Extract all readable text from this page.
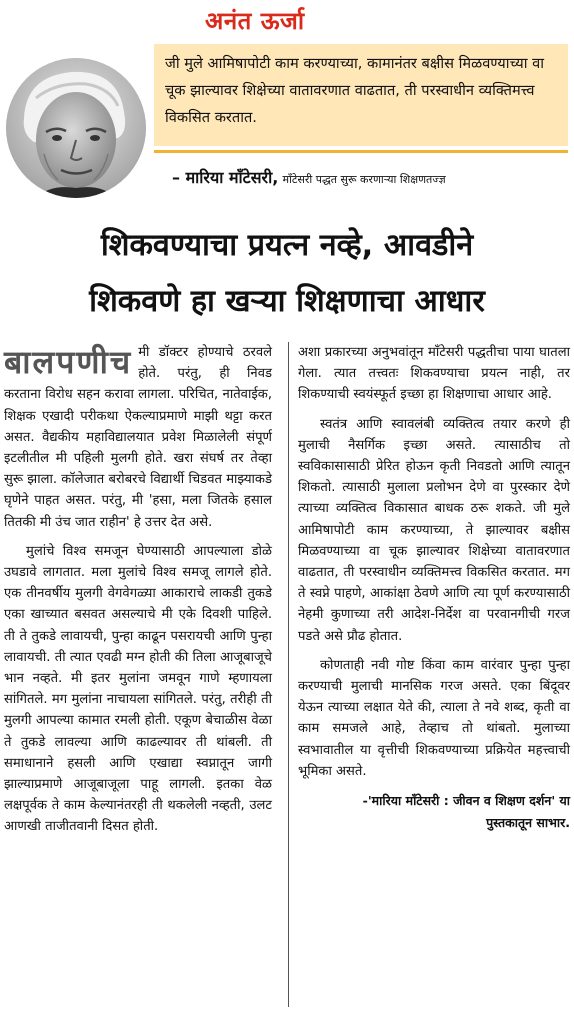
अनंत ऊर्जा
जी मुले आमिषापोटी काम करण्याच्या, कामानंतर बक्षीस मिळवण्याच्या वा चूक झाल्यावर शिक्षेच्या वातावरणात वाढतात, ती परस्वाधीन व्यक्तिमत्त्व विकसित करतात.
– मारिया मॉंटेसरी, मॉंटेसरी पद्धत सुरू करणाऱ्या शिक्षणतज्ज्ञ
शिकवण्याचा प्रयत्न नव्हे, आवडीने
शिकवणे हा खऱ्या शिक्षणाचा आधार
बालपणीच मी डॉक्टर होण्याचे ठरवले होते. परंतु, ही निवड करताना विरोध सहन करावा लागला. परिचित, नातेवाईक, शिक्षक एखादी परीकथा ऐकल्याप्रमाणे माझी थट्टा करत असत. वैद्यकीय महाविद्यालयात प्रवेश मिळालेली संपूर्ण इटलीतील मी पहिली मुलगी होते. खरा संघर्ष तर तेव्हा सुरू झाला. कॉलेजात बरोबरचे विद्यार्थी चिडवत माझ्याकडे घृणेने पाहत असत. परंतु, मी 'हसा, मला जितके हसाल तितकी मी उंच जात राहीन' हे उत्तर देत असे.

मुलांचे विश्व समजून घेण्यासाठी आपल्याला डोळे उघडावे लागतात. मला मुलांचे विश्व समजू लागले होते. एक तीनवर्षीय मुलगी वेगवेगळ्या आकाराचे लाकडी तुकडे एका खाच्यात बसवत असल्याचे मी एके दिवशी पाहिले. ती ते तुकडे लावायची, पुन्हा काढून पसरायची आणि पुन्हा लावायची. ती त्यात एवढी मग्न होती की तिला आजूबाजूचे भान नव्हते. मी इतर मुलांना जमवून गाणे म्हणायला सांगितले. मग मुलांना नाचायला सांगितले. परंतु, तरीही ती मुलगी आपल्या कामात रमली होती. एकूण बेचाळीस वेळा ते तुकडे लावल्या आणि काढल्यावर ती थांबली. ती समाधानाने हसली आणि एखाद्या स्वप्नातून जागी झाल्याप्रमाणे आजूबाजूला पाहू लागली. इतका वेळ लक्षपूर्वक ते काम केल्यानंतरही ती थकलेली नव्हती, उलट आणखी ताजीतवानी दिसत होती.

अशा प्रकारच्या अनुभवांतून मॉंटेसरी पद्धतीचा पाया घातला गेला. त्यात तत्त्वतः शिकवण्याचा प्रयत्न नाही, तर शिकण्याची स्वयंस्फूर्त इच्छा हा शिक्षणाचा आधार आहे.

स्वतंत्र आणि स्वावलंबी व्यक्तित्व तयार करणे ही मुलाची नैसर्गिक इच्छा असते. त्यासाठीच तो स्वविकासासाठी प्रेरित होऊन कृती निवडतो आणि त्यातून शिकतो. त्यासाठी मुलाला प्रलोभन देणे वा पुरस्कार देणे त्याच्या व्यक्तित्व विकासात बाधक ठरू शकते. जी मुले आमिषापोटी काम करण्याच्या, ते झाल्यावर बक्षीस मिळवण्याच्या वा चूक झाल्यावर शिक्षेच्या वातावरणात वाढतात, ती परस्वाधीन व्यक्तिमत्त्व विकसित करतात. मग ते स्वप्ने पाहणे, आकांक्षा ठेवणे आणि त्या पूर्ण करण्यासाठी नेहमी कुणाच्या तरी आदेश-निर्देश वा परवानगीची गरज पडते असे प्रौढ होतात.

कोणताही नवी गोष्ट किंवा काम वारंवार पुन्हा पुन्हा करण्याची मुलाची मानसिक गरज असते. एका बिंदूवर येऊन त्याच्या लक्षात येते की, त्याला ते नवे शब्द, कृती वा काम समजले आहे, तेव्हाच तो थांबतो. मुलाच्या स्वभावातील या वृत्तीची शिकवण्याच्या प्रक्रियेत महत्त्वाची भूमिका असते.

-'मारिया मॉंटेसरी : जीवन व शिक्षण दर्शन' या
पुस्तकातून साभार.
